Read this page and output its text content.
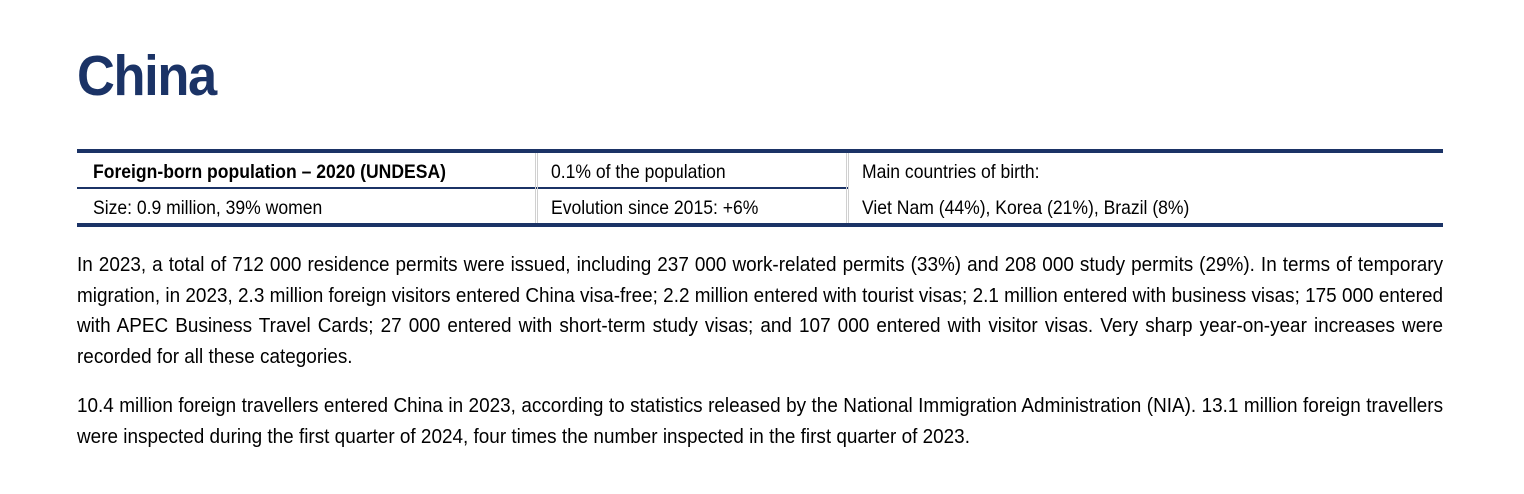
China
Foreign-born population – 2020 (UNDESA)
Size: 0.9 million, 39% women
0.1% of the population
Evolution since 2015: +6%
Main countries of birth:
Viet Nam (44%), Korea (21%), Brazil (8%)

In 2023, a total of 712 000 residence permits were issued, including 237 000 work-related permits (33%) and 208 000 study permits (29%). In terms of temporary migration, in 2023, 2.3 million foreign visitors entered China visa-free; 2.2 million entered with tourist visas; 2.1 million entered with business visas; 175 000 entered with APEC Business Travel Cards; 27 000 entered with short-term study visas; and 107 000 entered with visitor visas. Very sharp year-on-year increases were recorded for all these categories.

10.4 million foreign travellers entered China in 2023, according to statistics released by the National Immigration Administration (NIA). 13.1 million foreign travellers were inspected during the first quarter of 2024, four times the number inspected in the first quarter of 2023.
